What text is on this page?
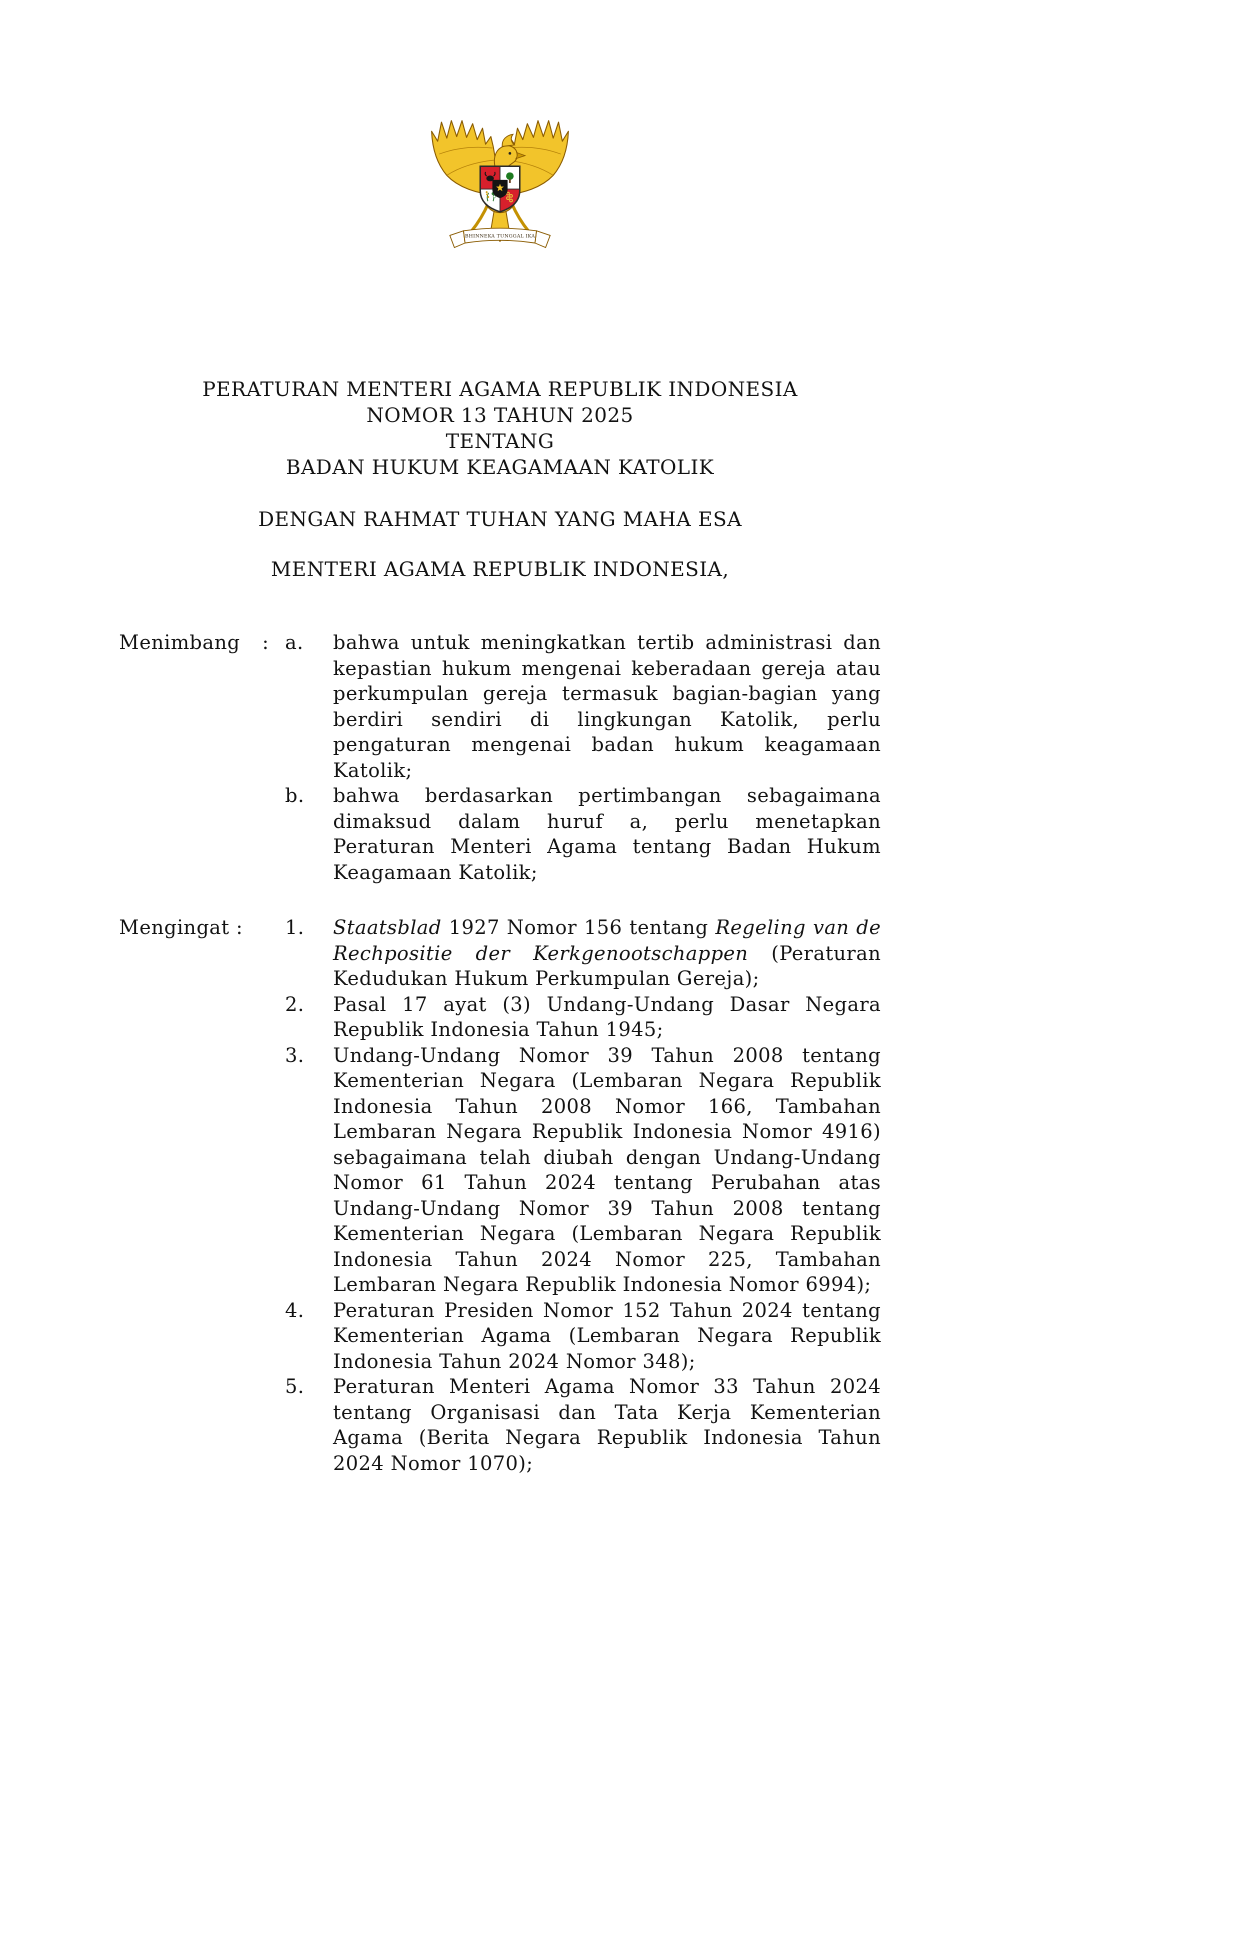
BHINNEKA TUNGGAL IKA
PERATURAN MENTERI AGAMA REPUBLIK INDONESIA
NOMOR 13 TAHUN 2025
TENTANG
BADAN HUKUM KEAGAMAAN KATOLIK
DENGAN RAHMAT TUHAN YANG MAHA ESA
MENTERI AGAMA REPUBLIK INDONESIA,
Menimbang : a.	bahwa untuk meningkatkan tertib administrasi dan kepastian hukum mengenai keberadaan gereja atau perkumpulan gereja termasuk bagian-bagian yang berdiri sendiri di lingkungan Katolik, perlu pengaturan mengenai badan hukum keagamaan Katolik;
b.	bahwa berdasarkan pertimbangan sebagaimana dimaksud dalam huruf a, perlu menetapkan Peraturan Menteri Agama tentang Badan Hukum Keagamaan Katolik;
Mengingat :	1.	Staatsblad 1927 Nomor 156 tentang Regeling van de Rechpositie der Kerkgenootschappen (Peraturan Kedudukan Hukum Perkumpulan Gereja);
2.	Pasal 17 ayat (3) Undang-Undang Dasar Negara Republik Indonesia Tahun 1945;
3.	Undang-Undang Nomor 39 Tahun 2008 tentang Kementerian Negara (Lembaran Negara Republik Indonesia Tahun 2008 Nomor 166, Tambahan Lembaran Negara Republik Indonesia Nomor 4916) sebagaimana telah diubah dengan Undang-Undang Nomor 61 Tahun 2024 tentang Perubahan atas Undang-Undang Nomor 39 Tahun 2008 tentang Kementerian Negara (Lembaran Negara Republik Indonesia Tahun 2024 Nomor 225, Tambahan Lembaran Negara Republik Indonesia Nomor 6994);
4.	Peraturan Presiden Nomor 152 Tahun 2024 tentang Kementerian Agama (Lembaran Negara Republik Indonesia Tahun 2024 Nomor 348);
5.	Peraturan Menteri Agama Nomor 33 Tahun 2024 tentang Organisasi dan Tata Kerja Kementerian Agama (Berita Negara Republik Indonesia Tahun 2024 Nomor 1070);
